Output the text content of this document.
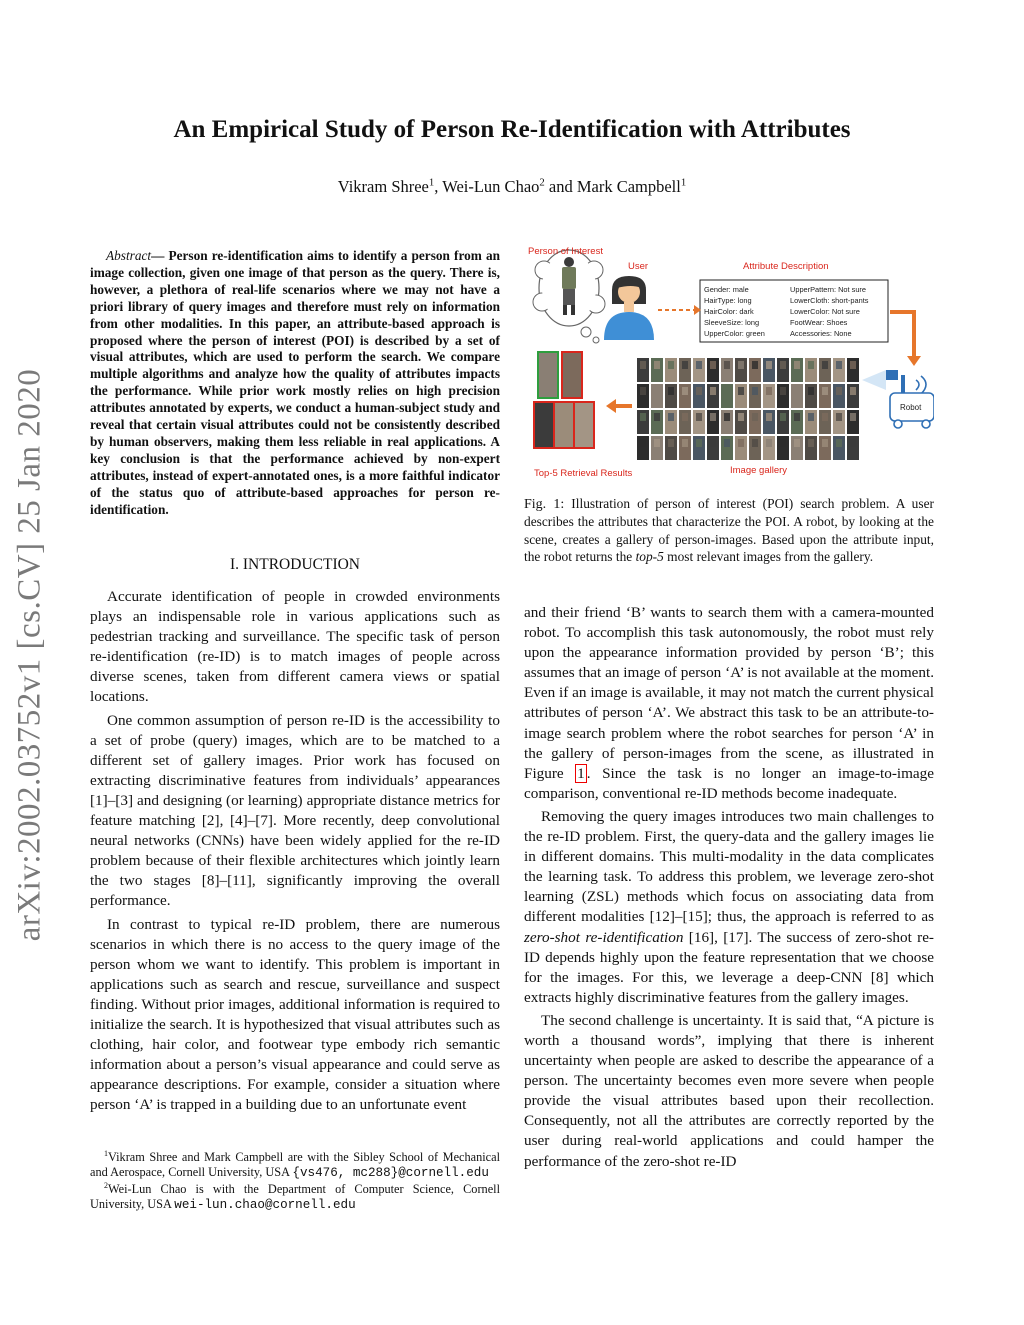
arXiv:2002.03752v1 [cs.CV] 25 Jan 2020
An Empirical Study of Person Re-Identification with Attributes
Vikram Shree$^1$, Wei-Lun Chao$^2$ and Mark Campbell$^1$
Abstract— Person re-identification aims to identify a person from an image collection, given one image of that person as the query. There is, however, a plethora of real-life scenarios where we may not have a priori library of query images and therefore must rely on information from other modalities. In this paper, an attribute-based approach is proposed where the person of interest (POI) is described by a set of visual attributes, which are used to perform the search. We compare multiple algorithms and analyze how the quality of attributes impacts the performance. While prior work mostly relies on high precision attributes annotated by experts, we conduct a human-subject study and reveal that certain visual attributes could not be consistently described by human observers, making them less reliable in real applications. A key conclusion is that the performance achieved by non-expert attributes, instead of expert-annotated ones, is a more faithful indicator of the status quo of attribute-based approaches for person re-identification.
I. INTRODUCTION

Accurate identification of people in crowded environments plays an indispensable role in various applications such as pedestrian tracking and surveillance. The specific task of person re-identification (re-ID) is to match images of people across diverse scenes, taken from different camera views or spatial locations.

One common assumption of person re-ID is the accessibility to a set of probe (query) images, which are to be matched to a different set of gallery images. Prior work has focused on extracting discriminative features from individuals’ appearances [1]–[3] and designing (or learning) appropriate distance metrics for feature matching [2], [4]–[7]. More recently, deep convolutional neural networks (CNNs) have been widely applied for the re-ID problem because of their flexible architectures which jointly learn the two stages [8]–[11], significantly improving the overall performance.

In contrast to typical re-ID problem, there are numerous scenarios in which there is no access to the query image of the person whom we want to identify. This problem is important in applications such as search and rescue, surveillance and suspect finding. Without prior images, additional information is required to initialize the search. It is hypothesized that visual attributes such as clothing, hair color, and footwear type embody rich semantic information about a person’s visual appearance and could serve as appearance descriptions. For example, consider a situation where person ‘A’ is trapped in a building due to an unfortunate event

$^1$Vikram Shree and Mark Campbell are with the Sibley School of Mechanical and Aerospace, Cornell University, USA {vs476, mc288}@cornell.edu

$^2$Wei-Lun Chao is with the Department of Computer Science, Cornell University, USA wei-lun.chao@cornell.edu

Person of Interest
User	Attribute Description
Gender: male
HairType: long
HairColor: dark
SleeveSize: long
UpperColor: green
UpperPattern: Not sure
LowerCloth: short-pants
LowerColor: Not sure
FootWear: Shoes
Accessories: None
Robot
Image gallery
Top-5 Retrieval Results
Fig. 1: Illustration of person of interest (POI) search problem. A user describes the attributes that characterize the POI. A robot, by looking at the scene, creates a gallery of person-images. Based upon the attribute input, the robot returns the top-5 most relevant images from the gallery.

and their friend ‘B’ wants to search them with a camera-mounted robot. To accomplish this task autonomously, the robot must rely upon the appearance information provided by person ‘B’; this assumes that an image of person ‘A’ is not available at the moment. Even if an image is available, it may not match the current physical attributes of person ‘A’. We abstract this task to be an attribute-to-image search problem where the robot searches for person ‘A’ in the gallery of person-images from the scene, as illustrated in Figure 1 . Since the task is no longer an image-to-image comparison, conventional re-ID methods become inadequate.

Removing the query images introduces two main challenges to the re-ID problem. First, the query-data and the gallery images lie in different domains. This multi-modality in the data complicates the learning task. To address this problem, we leverage zero-shot learning (ZSL) methods which focus on associating data from different modalities [12]–[15]; thus, the approach is referred to as zero-shot re-identification [16], [17]. The success of zero-shot re-ID depends highly upon the feature representation that we choose for the images. For this, we leverage a deep-CNN [8] which extracts highly discriminative features from the gallery images.

The second challenge is uncertainty. It is said that, “A picture is worth a thousand words”, implying that there is inherent uncertainty when people are asked to describe the appearance of a person. The uncertainty becomes even more severe when people provide the visual attributes based upon their recollection. Consequently, not all the attributes are correctly reported by the user during real-world applications and could hamper the performance of the zero-shot re-ID
